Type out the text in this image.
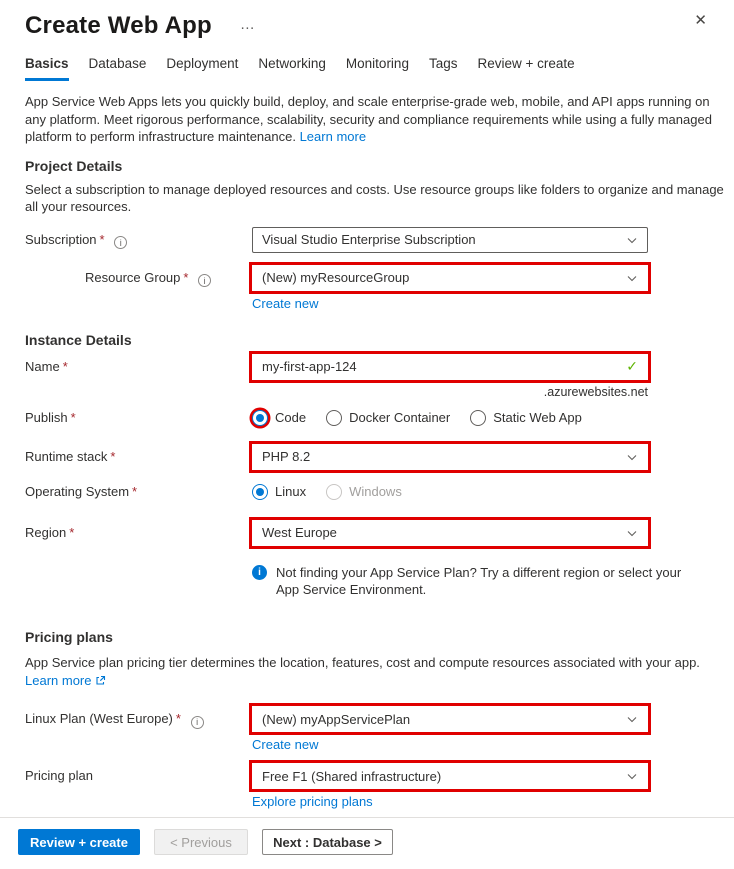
Create Web App …	✕
Basics Database Deployment Networking Monitoring Tags Review + create

App Service Web Apps lets you quickly build, deploy, and scale enterprise-grade web, mobile, and API apps running on any platform. Meet rigorous performance, scalability, security and compliance requirements while using a fully managed platform to perform infrastructure maintenance. Learn more

Project Details

Select a subscription to manage deployed resources and costs. Use resource groups like folders to organize and manage all your resources.

Subscription * i	Visual Studio Enterprise Subscription
Resource Group * i	(New) myResourceGroup
Create new
Instance Details
Name *	my-first-app-124	✓
.azurewebsites.net
Publish *	Code	Docker Container	Static Web App
Runtime stack *	PHP 8.2
Operating System *	Linux	Windows
Region *	West Europe
i	Not finding your App Service Plan? Try a different region or select your App Service Environment.
Pricing plans

App Service plan pricing tier determines the location, features, cost and compute resources associated with your app.

Learn more
Linux Plan (West Europe) * i	(New) myAppServicePlan
Create new
Pricing plan	Free F1 (Shared infrastructure)
Explore pricing plans
Review + create	< Previous	Next : Database >
